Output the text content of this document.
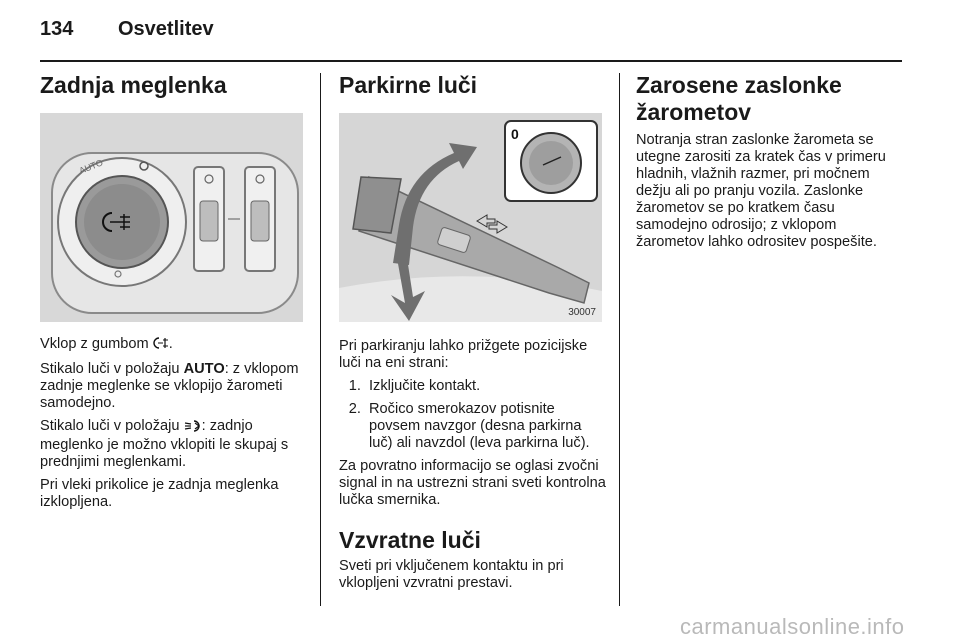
134 Osvetlitev
Zadnja meglenka
AUTO

Vklop z gumbom .

Stikalo luči v položaju AUTO: z vklopom zadnje meglenke se vklopijo žarometi samodejno.

Stikalo luči v položaju : zadnjo meglenko je možno vklopiti le skupaj s prednjimi meglenkami.

Pri vleki prikolice je zadnja meglenka izklopljena.

Parkirne luči
0
30007

Pri parkiranju lahko prižgete pozicijske luči na eni strani:

1. Izključite kontakt.
2. Ročico smerokazov potisnite povsem navzgor (desna parkirna luč) ali navzdol (leva parkirna luč).

Za povratno informacijo se oglasi zvočni signal in na ustrezni strani sveti kontrolna lučka smernika.

Vzvratne luči

Sveti pri vključenem kontaktu in pri vklopljeni vzvratni prestavi.

Zarosene zaslonke žarometov

Notranja stran zaslonke žarometa se utegne zarositi za kratek čas v primeru hladnih, vlažnih razmer, pri močnem dežju ali po pranju vozila. Zaslonke žarometov se po kratkem času samodejno odrosijo; z vklopom žarometov lahko odrositev pospešite.

carmanualsonline.info
